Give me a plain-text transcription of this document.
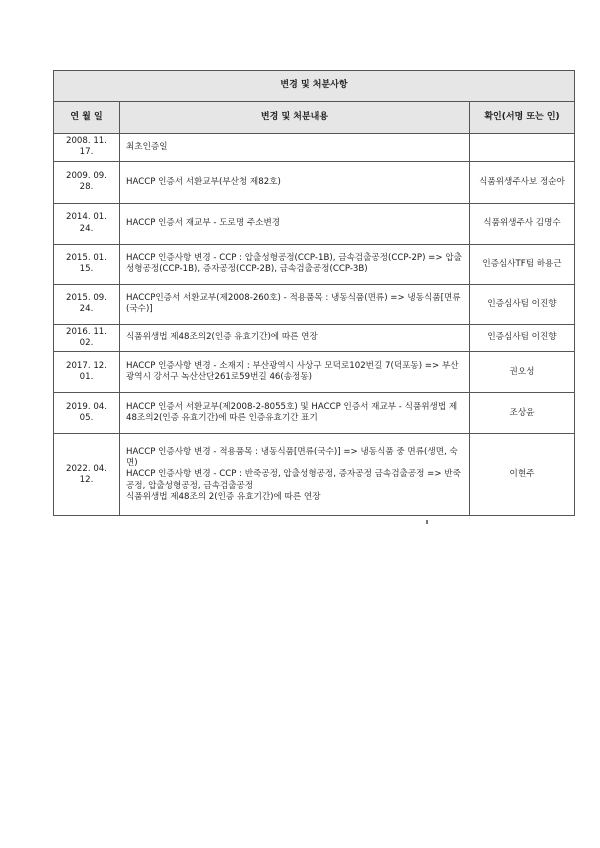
변경 및 처분사항		
연 월 일	변경 및 처분내용	확인(서명 또는 인)
2008. 11. 17.	최초인증일	

2009. 09. 28.	HACCP 인증서 서환교부(부산청 제82호)	식품위생주사보 정순아
2014. 01. 24.	HACCP 인증서 재교부 - 도로명 주소변경	식품위생주사 김명수
2015. 01. 15.	HACCP 인증사항 변경 - CCP : 압출성형공정(CCP-1B), 금속검출공정(CCP-2P) => 압출성형공정(CCP-1B), 증자공정(CCP-2B), 금속검출공정(CCP-3B)	인증심사TF팀 하용근
2015. 09. 24.	HACCP인증서 서환교부(제2008-260호) - 적용품목 : 냉동식품(면류) => 냉동식품[면류(국수)]	인증심사팀 이진향
2016. 11. 02.	식품위생법 제48조의2(인증 유효기간)에 따른 연장	인증심사팀 이진향
2017. 12. 01.	HACCP 인증사항 변경 - 소재지 : 부산광역시 사상구 모덕로102번길 7(덕포동) => 부산광역시 강서구 녹산산단261로59번길 46(송정동)	권오성
2019. 04. 05.	HACCP 인증서 서환교부(제2008-2-8055호) 및 HACCP 인증서 재교부 - 식품위생법 제48조의2(인증 유효기간)에 따른 인증유효기간 표기	조상윤
2022. 04. 12.	HACCP 인증사항 변경 - 적용품목 : 냉동식품[면류(국수)] => 냉동식품 중 면류(생면, 숙면)
HACCP 인증사항 변경 - CCP : 반죽공정, 압출성형공정, 증자공정 금속검출공정 => 반죽공정, 압출성형공정, 금속검출공정
식품위생법 제48조의 2(인증 유효기간)에 따른 연장	이현주
